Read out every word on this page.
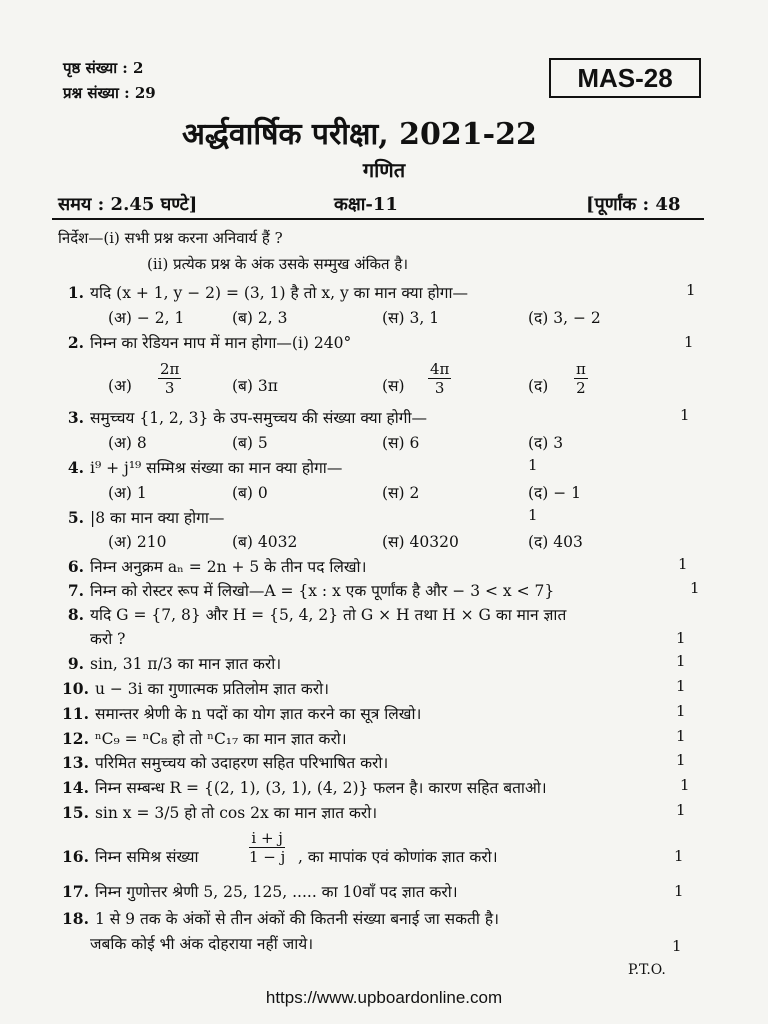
पृष्ठ संख्या : 2
प्रश्न संख्या : 29	MAS-28
अर्द्धवार्षिक परीक्षा, 2021-22
गणित
समय : 2.45 घण्टे]	कक्षा-11	[पूर्णांक : 48
निर्देश—(i) सभी प्रश्न करना अनिवार्य हैं ?
(ii) प्रत्येक प्रश्न के अंक उसके सम्मुख अंकित है।
1. यदि (x + 1, y − 2) = (3, 1) है तो x, y का मान क्या होगा—	1
(अ) − 2, 1	(ब) 2, 3	(स) 3, 1	(द) 3, − 2
2. निम्न का रेडियन माप में मान होगा—(i) 240°	1
(अ) $\frac{2\pi}{3}$	(ब) 3π	(स) $\frac{4\pi}{3}$	(द) $\frac{\pi}{2}$
3. समुच्चय {1, 2, 3} के उप-समुच्चय की संख्या क्या होगी—	1
(अ) 8	(ब) 5	(स) 6	(द) 3
4. i⁹ + j¹⁹ सम्मिश्र संख्या का मान क्या होगा—	1
(अ) 1	(ब) 0	(स) 2	(द) − 1
5. |8 का मान क्या होगा—	1
(अ) 210	(ब) 4032	(स) 40320	(द) 403
6. निम्न अनुक्रम aₙ = 2n + 5 के तीन पद लिखो।	1
7. निम्न को रोस्टर रूप में लिखो—A = {x : x एक पूर्णांक है और − 3 < x < 7}	1
8. यदि G = {7, 8} और H = {5, 4, 2} तो G × H तथा H × G का मान ज्ञात
करो ?	1
9. sin, 31 π/3 का मान ज्ञात करो।	1
10. u − 3i का गुणात्मक प्रतिलोम ज्ञात करो।	1
11. समान्तर श्रेणी के n पदों का योग ज्ञात करने का सूत्र लिखो।	1
12. ⁿC₉ = ⁿC₈ हो तो ⁿC₁₇ का मान ज्ञात करो।	1
13. परिमित समुच्चय को उदाहरण सहित परिभाषित करो।	1
14. निम्न सम्बन्ध R = {(2, 1), (3, 1), (4, 2)} फलन है। कारण सहित बताओ।	1
15. sin x = 3/5 हो तो cos 2x का मान ज्ञात करो।	1
16. निम्न समिश्र संख्या	$\frac{i + j}{1 - j}$ , का मापांक एवं कोणांक ज्ञात करो।	1
17. निम्न गुणोत्तर श्रेणी 5, 25, 125, ..... का 10वाँ पद ज्ञात करो।	1
18. 1 से 9 तक के अंकों से तीन अंकों की कितनी संख्या बनाई जा सकती है।
जबकि कोई भी अंक दोहराया नहीं जाये।	1
P.T.O.
https://www.upboardonline.com
